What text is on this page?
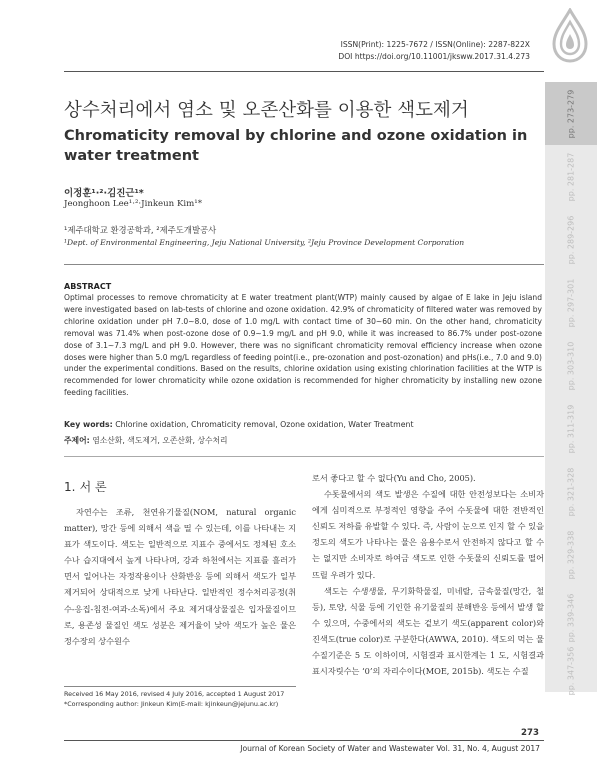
ISSN(Print): 1225-7672 / ISSN(Online): 2287-822X
DOI https://doi.org/10.11001/jksww.2017.31.4.273
pp. 273-279
pp. 281-287
pp. 289-296
pp. 297-301
pp. 303-310
pp. 311-319
pp. 321-328
pp. 329-338
pp. 339-346
pp. 347-356
상수처리에서 염소 및 오존산화를 이용한 색도제거
Chromaticity removal by chlorine and ozone oxidation in water treatment
이정훈¹·²·김진근¹*
Jeonghoon Lee¹·²·Jinkeun Kim¹*
¹제주대학교 환경공학과, ²제주도개발공사
¹Dept. of Environmental Engineering, Jeju National University, ²Jeju Province Development Corporation
ABSTRACT
Optimal processes to remove chromaticity at E water treatment plant(WTP) mainly caused by algae of E lake in Jeju island were investigated based on lab-tests of chlorine and ozone oxidation. 42.9% of chromaticity of filtered water was removed by chlorine oxidation under pH 7.0~8.0, dose of 1.0 mg/L with contact time of 30~60 min. On the other hand, chromaticity removal was 71.4% when post-ozone dose of 0.9~1.9 mg/L and pH 9.0, while it was increased to 86.7% under post-ozone dose of 3.1~7.3 mg/L and pH 9.0. However, there was no significant chromaticity removal efficiency increase when ozone doses were higher than 5.0 mg/L regardless of feeding point(i.e., pre-ozonation and post-ozonation) and pHs(i.e., 7.0 and 9.0) under the experimental conditions. Based on the results, chlorine oxidation using existing chlorination facilities at the WTP is recommended for lower chromaticity while ozone oxidation is recommended for higher chromaticity by installing new ozone feeding facilities.
Key words: Chlorine oxidation, Chromaticity removal, Ozone oxidation, Water Treatment
주제어: 염소산화, 색도제거, 오존산화, 상수처리
1. 서 론

자연수는 조류, 천연유기물질(NOM, natural organic matter), 망간 등에 의해서 색을 띨 수 있는데, 이를 나타내는 지표가 색도이다. 색도는 일반적으로 지표수 중에서도 정체된 호소수나 습지대에서 높게 나타나며, 강과 하천에서는 지표를 흘러가면서 일어나는 자정작용이나 산화반응 등에 의해서 색도가 일부 제거되어 상대적으로 낮게 나타난다. 일반적인 정수처리공정(취수-응집-침전-여과-소독)에서 주요 제거대상물질은 입자물질이므로, 용존성 물질인 색도 성분은 제거율이 낮아 색도가 높은 물은 정수장의 상수원수

로서 좋다고 할 수 없다(Yu and Cho, 2005).

수돗물에서의 색도 발생은 수질에 대한 안전성보다는 소비자에게 심미적으로 부정적인 영향을 주어 수돗물에 대한 전반적인 신뢰도 저하를 유발할 수 있다. 즉, 사람이 눈으로 인지 할 수 있을 정도의 색도가 나타나는 물은 음용수로서 안전하지 않다고 할 수는 없지만 소비자로 하여금 색도로 인한 수돗물의 신뢰도를 떨어뜨릴 우려가 있다.

색도는 수생생물, 무기화학물질, 미네랄, 금속물질(망간, 철 등), 토양, 식물 등에 기인한 유기물질의 분해반응 등에서 발생 할 수 있으며, 수중에서의 색도는 겉보기 색도(apparent color)와 진색도(true color)로 구분한다(AWWA, 2010). 색도의 먹는 물 수질기준은 5 도 이하이며, 시험결과 표시한계는 1 도, 시험결과 표시자릿수는 ‘0’의 자리수이다(MOE, 2015b). 색도는 수질

Received 16 May 2016, revised 4 July 2016, accepted 1 August 2017
*Corresponding author: Jinkeun Kim(E-mail: kjinkeun@jejunu.ac.kr)
273
Journal of Korean Society of Water and Wastewater Vol. 31, No. 4, August 2017
